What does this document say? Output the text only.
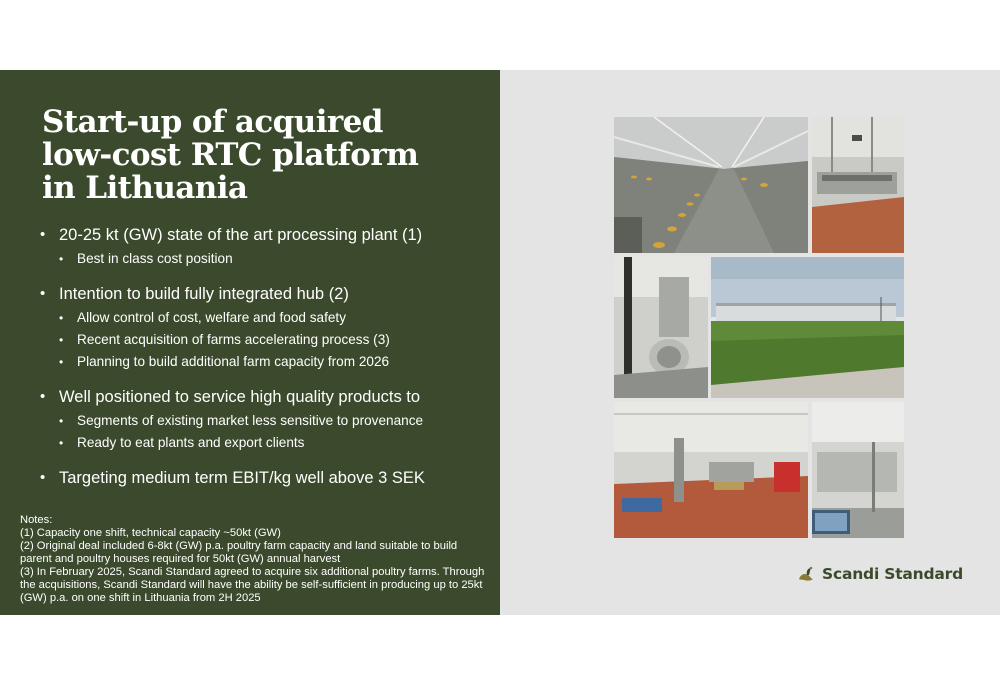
Start-up of acquired
low-cost RTC platform
in Lithuania
• 20-25 kt (GW) state of the art processing plant (1)
• Best in class cost position
• Intention to build fully integrated hub (2)
• Allow control of cost, welfare and food safety
• Recent acquisition of farms accelerating process (3)
• Planning to build additional farm capacity from 2026
• Well positioned to service high quality products to
• Segments of existing market less sensitive to provenance
• Ready to eat plants and export clients
• Targeting medium term EBIT/kg well above 3 SEK
Notes:
(1) Capacity one shift, technical capacity ~50kt (GW)
(2) Original deal included 6-8kt (GW) p.a. poultry farm capacity and land suitable to build parent and poultry houses required for 50kt (GW) annual harvest
(3) In February 2025, Scandi Standard agreed to acquire six additional poultry farms. Through the acquisitions, Scandi Standard will have the ability be self-sufficient in producing up to 25kt (GW) p.a. on one shift in Lithuania from 2H 2025
Scandi Standard
